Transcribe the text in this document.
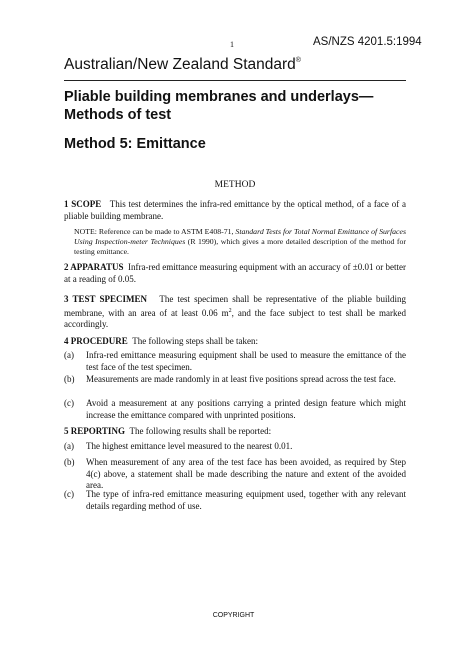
1	AS/NZS 4201.5:1994
Australian/New Zealand Standard®
Pliable building membranes and underlays—
Methods of test
Method 5: Emittance
METHOD
1 SCOPE This test determines the infra-red emittance by the optical method, of a face of a pliable building membrane.
NOTE: Reference can be made to ASTM E408-71, Standard Tests for Total Normal Emittance of Surfaces Using Inspection-meter Techniques (R 1990), which gives a more detailed description of the method for testing emittance.
2 APPARATUS Infra-red emittance measuring equipment with an accuracy of ±0.01 or better at a reading of 0.05.
3 TEST SPECIMEN The test specimen shall be representative of the pliable building membrane, with an area of at least 0.06 $m^2$, and the face subject to test shall be marked accordingly.
4 PROCEDURE The following steps shall be taken:
(a) Infra-red emittance measuring equipment shall be used to measure the emittance of the test face of the test specimen.
(b) Measurements are made randomly in at least five positions spread across the test face.
(c) Avoid a measurement at any positions carrying a printed design feature which might increase the emittance compared with unprinted positions.
5 REPORTING The following results shall be reported:
(a) The highest emittance level measured to the nearest 0.01.
(b) When measurement of any area of the test face has been avoided, as required by Step 4(c) above, a statement shall be made describing the nature and extent of the avoided area.
(c) The type of infra-red emittance measuring equipment used, together with any relevant details regarding method of use.
COPYRIGHT
